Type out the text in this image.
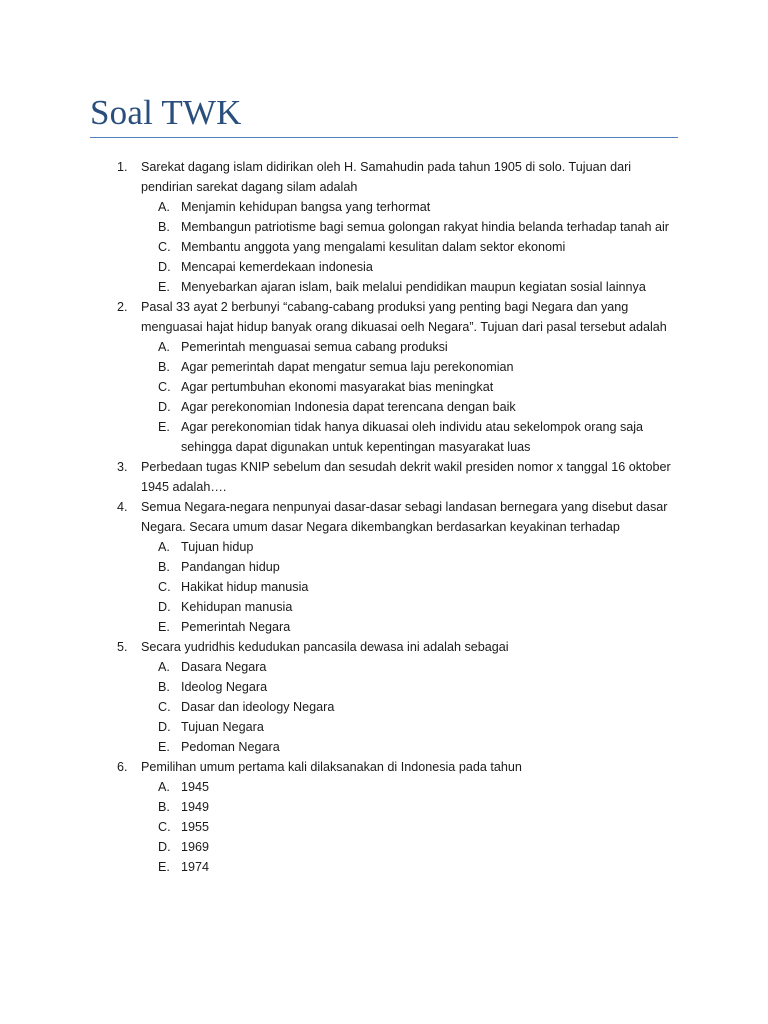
Soal TWK
1. Sarekat dagang islam didirikan oleh H. Samahudin pada tahun 1905 di solo. Tujuan dari pendirian sarekat dagang silam adalah
A. Menjamin kehidupan bangsa yang terhormat
B. Membangun patriotisme bagi semua golongan rakyat hindia belanda terhadap tanah air
C. Membantu anggota yang mengalami kesulitan dalam sektor ekonomi
D. Mencapai kemerdekaan indonesia
E. Menyebarkan ajaran islam, baik melalui pendidikan maupun kegiatan sosial lainnya
2. Pasal 33 ayat 2 berbunyi “cabang-cabang produksi yang penting bagi Negara dan yang menguasai hajat hidup banyak orang dikuasai oelh Negara”. Tujuan dari pasal tersebut adalah
A. Pemerintah menguasai semua cabang produksi
B. Agar pemerintah dapat mengatur semua laju perekonomian
C. Agar pertumbuhan ekonomi masyarakat bias meningkat
D. Agar perekonomian Indonesia dapat terencana dengan baik
E. Agar perekonomian tidak hanya dikuasai oleh individu atau sekelompok orang saja sehingga dapat digunakan untuk kepentingan masyarakat luas
3. Perbedaan tugas KNIP sebelum dan sesudah dekrit wakil presiden nomor x tanggal 16 oktober 1945 adalah….
4. Semua Negara-negara nenpunyai dasar-dasar sebagi landasan bernegara yang disebut dasar Negara. Secara umum dasar Negara dikembangkan berdasarkan keyakinan terhadap
A. Tujuan hidup
B. Pandangan hidup
C. Hakikat hidup manusia
D. Kehidupan manusia
E. Pemerintah Negara
5. Secara yudridhis kedudukan pancasila dewasa ini adalah sebagai
A. Dasara Negara
B. Ideolog Negara
C. Dasar dan ideology Negara
D. Tujuan Negara
E. Pedoman Negara
6. Pemilihan umum pertama kali dilaksanakan di Indonesia pada tahun
A. 1945
B. 1949
C. 1955
D. 1969
E. 1974
